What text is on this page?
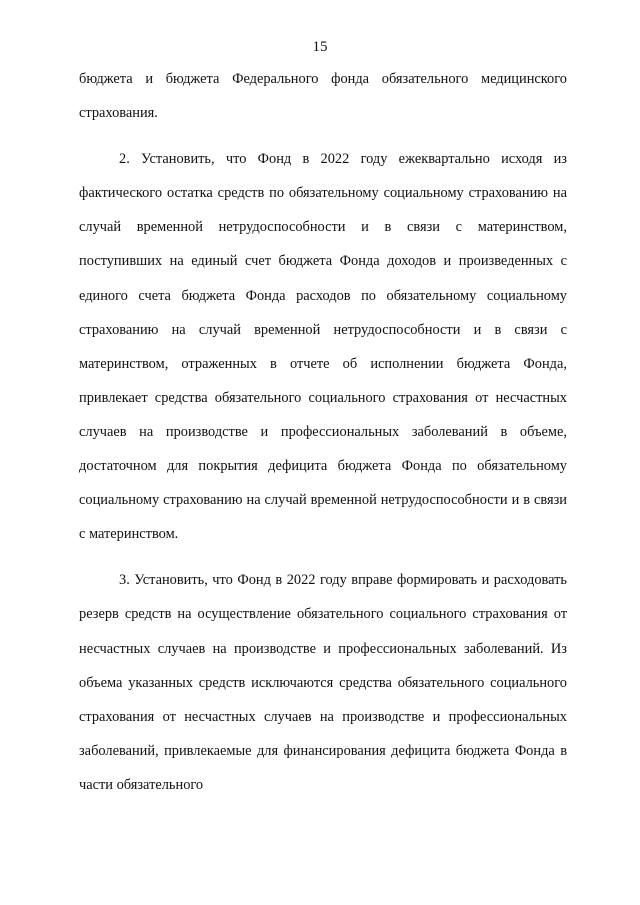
15

бюджета и бюджета Федерального фонда обязательного медицинского страхования.

2. Установить, что Фонд в 2022 году ежеквартально исходя из фактического остатка средств по обязательному социальному страхованию на случай временной нетрудоспособности и в связи с материнством, поступивших на единый счет бюджета Фонда доходов и произведенных с единого счета бюджета Фонда расходов по обязательному социальному страхованию на случай временной нетрудоспособности и в связи с материнством, отраженных в отчете об исполнении бюджета Фонда, привлекает средства обязательного социального страхования от несчастных случаев на производстве и профессиональных заболеваний в объеме, достаточном для покрытия дефицита бюджета Фонда по обязательному социальному страхованию на случай временной нетрудоспособности и в связи с материнством.

3. Установить, что Фонд в 2022 году вправе формировать и расходовать резерв средств на осуществление обязательного социального страхования от несчастных случаев на производстве и профессиональных заболеваний. Из объема указанных средств исключаются средства обязательного социального страхования от несчастных случаев на производстве и профессиональных заболеваний, привлекаемые для финансирования дефицита бюджета Фонда в части обязательного
